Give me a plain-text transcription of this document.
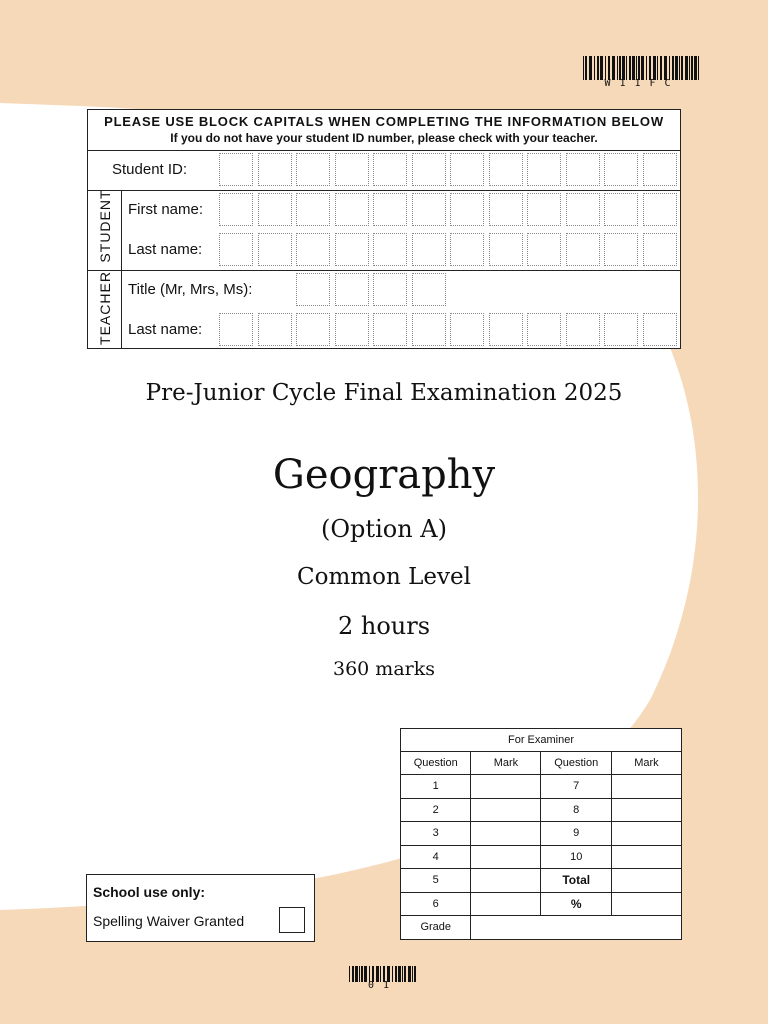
W11FC
PLEASE USE BLOCK CAPITALS WHEN COMPLETING THE INFORMATION BELOW
If you do not have your student ID number, please check with your teacher.
Student ID:
STUDENT First name:
Last name:
TEACHER Title (Mr, Mrs, Ms):
Last name:
Pre-Junior Cycle Final Examination 2025
Geography
(Option A)
Common Level
2 hours
360 marks
For Examiner			
Question	Mark	Question	Mark
1		7	
2		8	
3		9	
4		10	
5		Total	
6		%	
Grade			
School use only:
Spelling Waiver Granted
01
